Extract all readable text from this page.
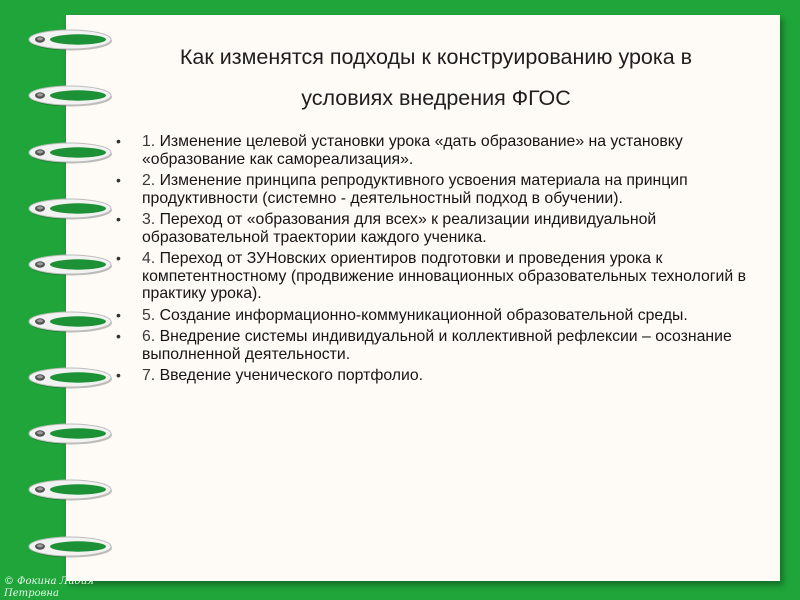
Как изменятся подходы к конструированию урока в
условиях внедрения ФГОС
• 1. Изменение целевой установки урока «дать образование» на установку «образование как самореализация».
• 2. Изменение принципа репродуктивного усвоения материала на принцип продуктивности (системно - деятельностный подход в обучении).
• 3. Переход от «образования для всех» к реализации индивидуальной образовательной траектории каждого ученика.
• 4. Переход от ЗУНовских ориентиров подготовки и проведения урока к компетентностному (продвижение инновационных образовательных технологий в практику урока).
• 5. Создание информационно-коммуникационной образовательной среды.
• 6. Внедрение системы индивидуальной и коллективной рефлексии – осознание выполненной деятельности.
• 7. Введение ученического портфолио.
© Фокина Лидия
Петровна
